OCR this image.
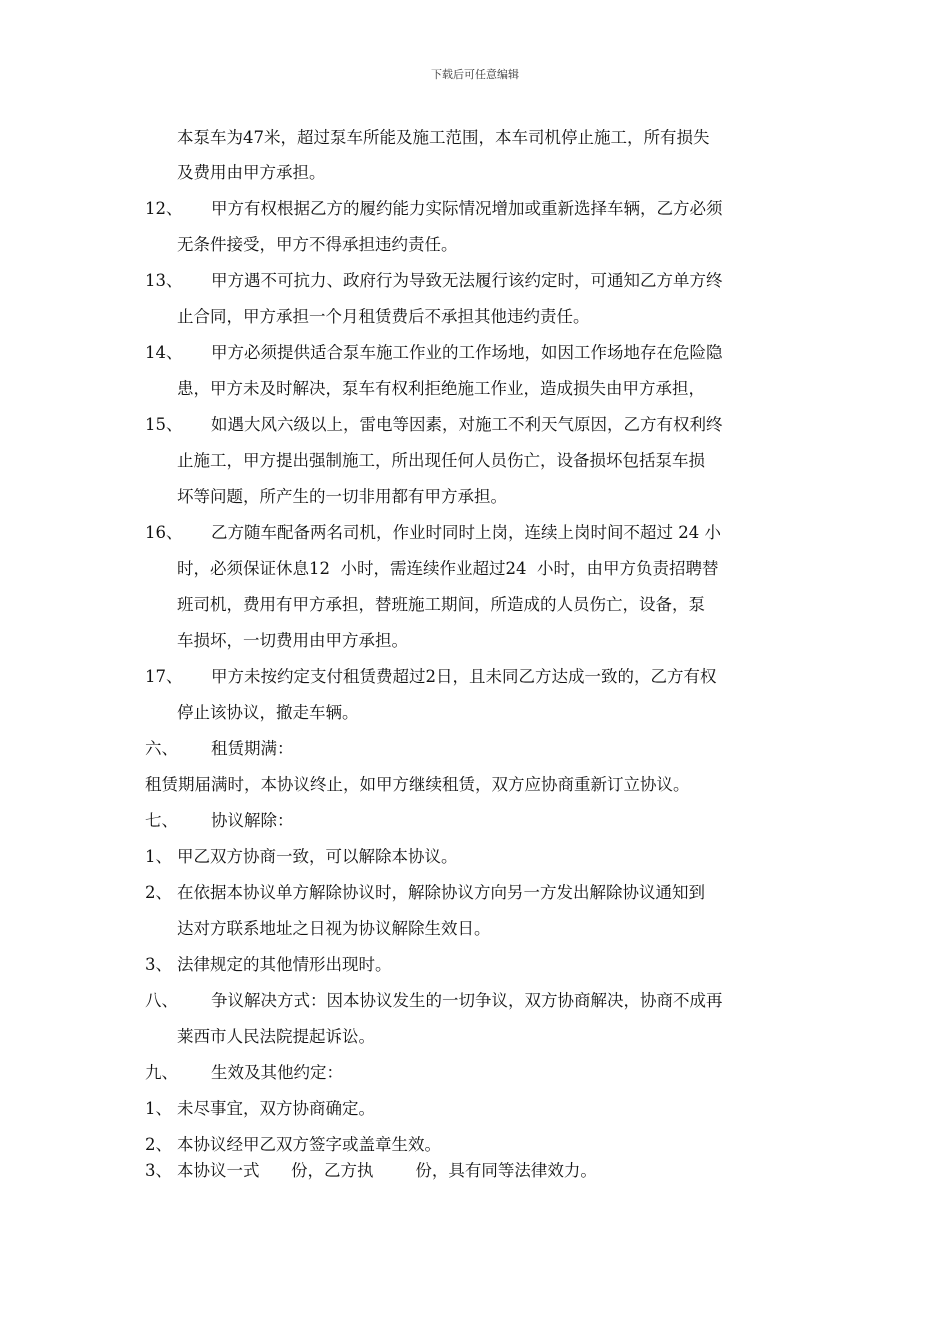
下载后可任意编辑
本泵车为47米，超过泵车所能及施工范围，本车司机停止施工，所有损失
及费用由甲方承担。
12、 甲方有权根据乙方的履约能力实际情况增加或重新选择车辆，乙方必须
无条件接受，甲方不得承担违约责任。
13、 甲方遇不可抗力、政府行为导致无法履行该约定时，可通知乙方单方终
止合同，甲方承担一个月租赁费后不承担其他违约责任。
14、 甲方必须提供适合泵车施工作业的工作场地，如因工作场地存在危险隐
患，甲方未及时解决，泵车有权利拒绝施工作业，造成损失由甲方承担，
15、 如遇大风六级以上，雷电等因素，对施工不利天气原因，乙方有权利终
止施工，甲方提出强制施工，所出现任何人员伤亡，设备损坏包括泵车损
坏等问题，所产生的一切非用都有甲方承担。
16、 乙方随车配备两名司机，作业时同时上岗，连续上岗时间不超过 24 小
时，必须保证休息12  小时，需连续作业超过24  小时，由甲方负责招聘替
班司机，费用有甲方承担，替班施工期间，所造成的人员伤亡，设备，泵
车损坏，一切费用由甲方承担。
17、 甲方未按约定支付租赁费超过2日，且未同乙方达成一致的，乙方有权
停止该协议，撤走车辆。
六、 租赁期满：
租赁期届满时，本协议终止，如甲方继续租赁，双方应协商重新订立协议。
七、 协议解除：
1、 甲乙双方协商一致，可以解除本协议。
2、 在依据本协议单方解除协议时，解除协议方向另一方发出解除协议通知到
达对方联系地址之日视为协议解除生效日。
3、 法律规定的其他情形出现时。
八、 争议解决方式：因本协议发生的一切争议，双方协商解决，协商不成再
莱西市人民法院提起诉讼。
九、 生效及其他约定：
1、 未尽事宜，双方协商确定。
2、 本协议经甲乙双方签字或盖章生效。
3、 本协议一式      份，乙方执        份，具有同等法律效力。
